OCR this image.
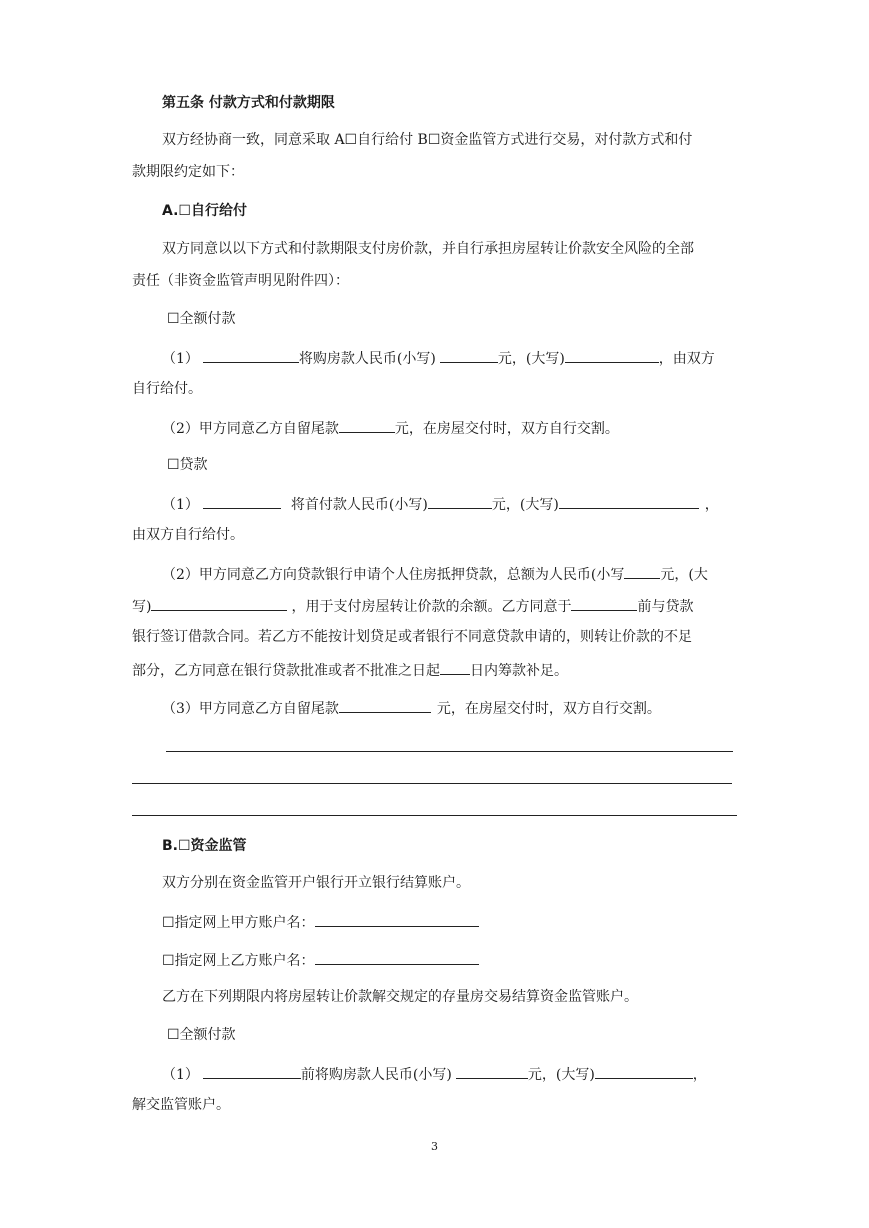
第五条 付款方式和付款期限
双方经协商一致，同意采取 A☐自行给付 B☐资金监管方式进行交易，对付款方式和付
款期限约定如下：
A.☐自行给付
双方同意以以下方式和付款期限支付房价款，并自行承担房屋转让价款安全风险的全部
责任（非资金监管声明见附件四）：
☐全额付款
（1）	将购房款人民币(小写)	元，(大写)	，由双方
自行给付。
（2）甲方同意乙方自留尾款	元，在房屋交付时，双方自行交割。
☐贷款
（1）	将首付款人民币(小写)	元，(大写)	，
由双方自行给付。
（2）甲方同意乙方向贷款银行申请个人住房抵押贷款，总额为人民币(小写	元，(大
写)	，用于支付房屋转让价款的余额。乙方同意于	前与贷款
银行签订借款合同。若乙方不能按计划贷足或者银行不同意贷款申请的，则转让价款的不足
部分，乙方同意在银行贷款批准或者不批准之日起 日内筹款补足。
（3）甲方同意乙方自留尾款	元，在房屋交付时，双方自行交割。
B.☐资金监管
双方分别在资金监管开户银行开立银行结算账户。
☐指定网上甲方账户名：
☐指定网上乙方账户名：
乙方在下列期限内将房屋转让价款解交规定的存量房交易结算资金监管账户。
☐全额付款
（1）	前将购房款人民币(小写)	元，(大写)	，
解交监管账户。
3
